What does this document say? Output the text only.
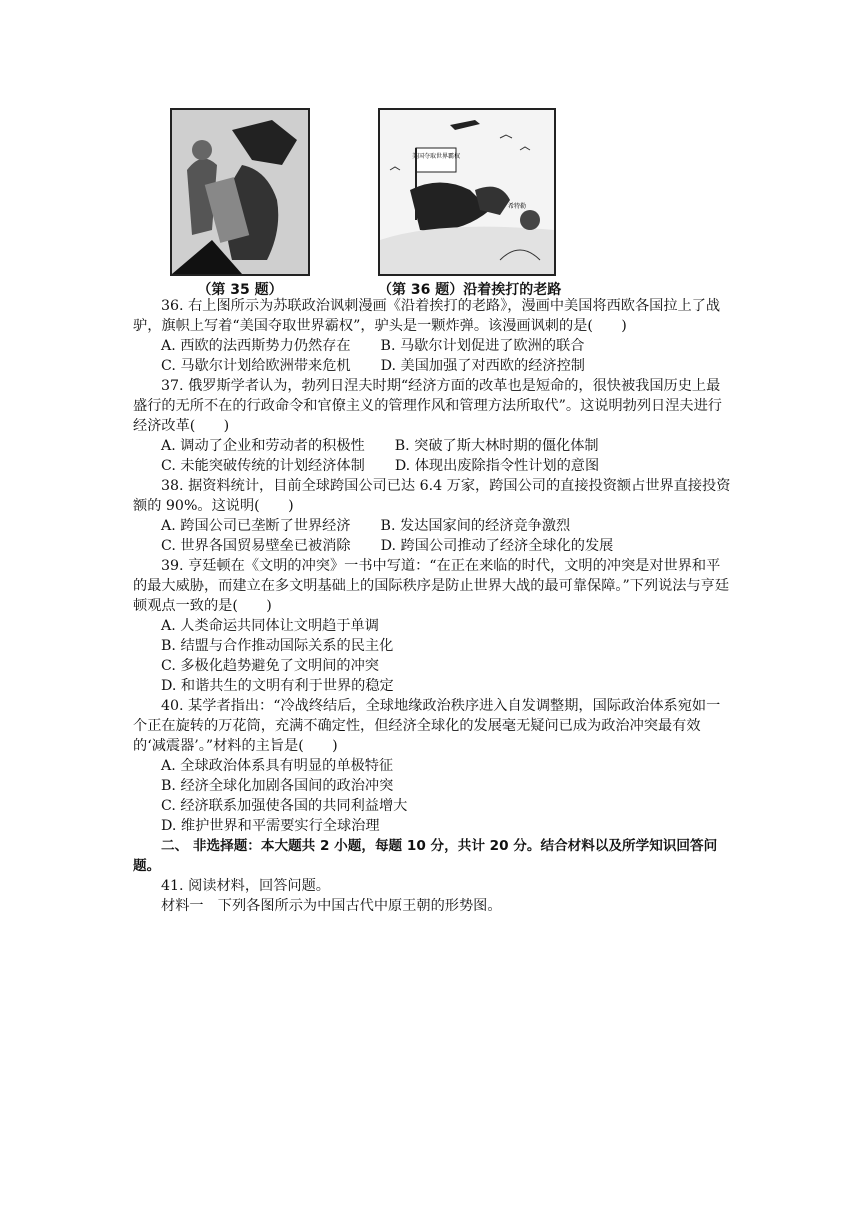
（第 35 题）
美国夺取世界霸权
希特勒
（第 36 题）沿着挨打的老路

36. 右上图所示为苏联政治讽刺漫画《沿着挨打的老路》，漫画中美国将西欧各国拉上了战驴，旗帜上写着“美国夺取世界霸权”，驴头是一颗炸弹。该漫画讽刺的是(　　)

A. 西欧的法西斯势力仍然存在 B. 马歇尔计划促进了欧洲的联合

C. 马歇尔计划给欧洲带来危机 D. 美国加强了对西欧的经济控制

37. 俄罗斯学者认为，勃列日涅夫时期“经济方面的改革也是短命的，很快被我国历史上最盛行的无所不在的行政命令和官僚主义的管理作风和管理方法所取代”。这说明勃列日涅夫进行经济改革(　　)

A. 调动了企业和劳动者的积极性 B. 突破了斯大林时期的僵化体制

C. 未能突破传统的计划经济体制 D. 体现出废除指令性计划的意图

38. 据资料统计，目前全球跨国公司已达 6.4 万家，跨国公司的直接投资额占世界直接投资额的 90%。这说明(　　)

A. 跨国公司已垄断了世界经济 B. 发达国家间的经济竞争激烈

C. 世界各国贸易壁垒已被消除 D. 跨国公司推动了经济全球化的发展

39. 亨廷顿在《文明的冲突》一书中写道：“在正在来临的时代，文明的冲突是对世界和平的最大威胁，而建立在多文明基础上的国际秩序是防止世界大战的最可靠保障。”下列说法与亨廷顿观点一致的是(　　)

A. 人类命运共同体让文明趋于单调

B. 结盟与合作推动国际关系的民主化

C. 多极化趋势避免了文明间的冲突

D. 和谐共生的文明有利于世界的稳定

40. 某学者指出：“冷战终结后，全球地缘政治秩序进入自发调整期，国际政治体系宛如一个正在旋转的万花筒，充满不确定性，但经济全球化的发展毫无疑问已成为政治冲突最有效的‘减震器’。”材料的主旨是(　　)

A. 全球政治体系具有明显的单极特征

B. 经济全球化加剧各国间的政治冲突

C. 经济联系加强使各国的共同利益增大

D. 维护世界和平需要实行全球治理

二、 非选择题：本大题共 2 小题，每题 10 分，共计 20 分。结合材料以及所学知识回答问题。

41. 阅读材料，回答问题。

材料一　下列各图所示为中国古代中原王朝的形势图。
